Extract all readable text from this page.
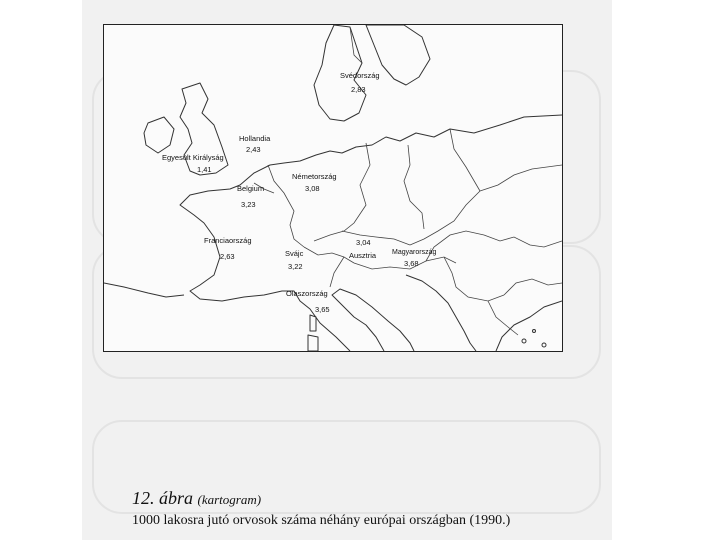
Svédország
2,83
Hollandia
2,43
Egyesült Királyság
1,41
Németország
3,08
Belgium
3,23
Franciaország
2,63	Svájc
3,22
3,04
Ausztria Magyarország
3,68
Olaszország
3,65
12. ábra (kartogram)
1000 lakosra jutó orvosok száma néhány európai országban (1990.)
